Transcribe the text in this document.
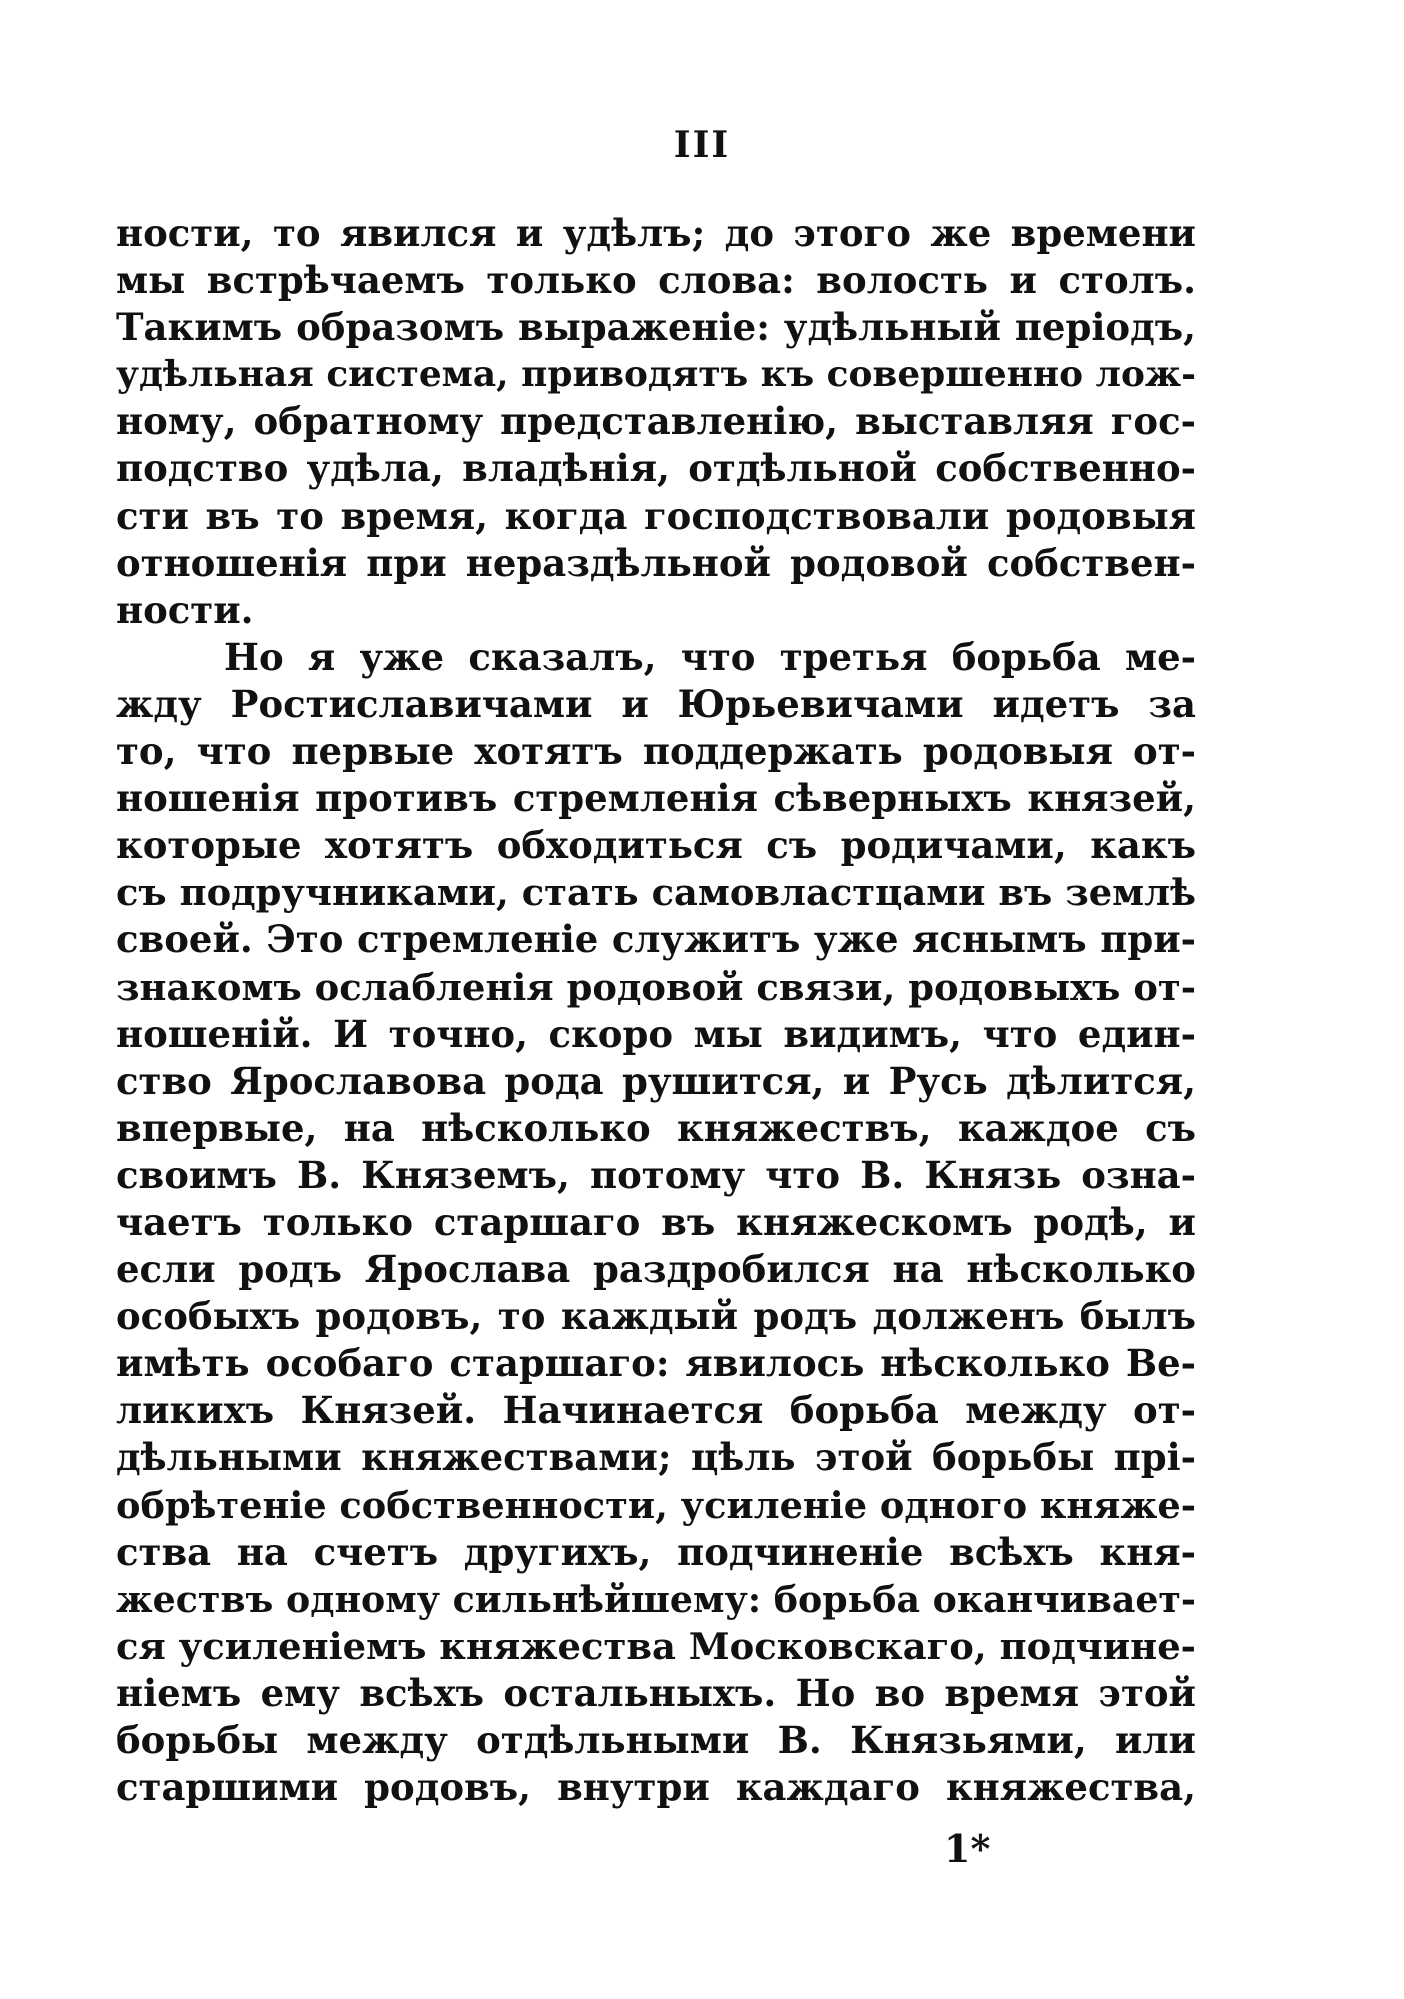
III
ности, то явился и удѣлъ; до этого же времени
мы встрѣчаемъ только слова: волость и столъ.
Такимъ образомъ выраженіе: удѣльный періодъ,
удѣльная система, приводятъ къ совершенно лож-
ному, обратному представленію, выставляя гос-
подство удѣла, владѣнія, отдѣльной собственно-
сти въ то время, когда господствовали родовыя
отношенія при нераздѣльной родовой собствен-
ности.
Но я уже сказалъ, что третья борьба ме-
жду Ростиславичами и Юрьевичами идетъ за
то, что первые хотятъ поддержать родовыя от-
ношенія противъ стремленія сѣверныхъ князей,
которые хотятъ обходиться съ родичами, какъ
съ подручниками, стать самовластцами въ землѣ
своей. Это стремленіе служитъ уже яснымъ при-
знакомъ ослабленія родовой связи, родовыхъ от-
ношеній. И точно, скоро мы видимъ, что един-
ство Ярославова рода рушится, и Русь дѣлится,
впервые, на нѣсколько княжествъ, каждое съ
своимъ В. Княземъ, потому что В. Князь озна-
чаетъ только старшаго въ княжескомъ родѣ, и
если родъ Ярослава раздробился на нѣсколько
особыхъ родовъ, то каждый родъ долженъ былъ
имѣть особаго старшаго: явилось нѣсколько Ве-
ликихъ Князей. Начинается борьба между от-
дѣльными княжествами; цѣль этой борьбы прі-
обрѣтеніе собственности, усиленіе одного княже-
ства на счетъ другихъ, подчиненіе всѣхъ кня-
жествъ одному сильнѣйшему: борьба оканчивает-
ся усиленіемъ княжества Московскаго, подчине-
ніемъ ему всѣхъ остальныхъ. Но во время этой
борьбы между отдѣльными В. Князьями, или
старшими родовъ, внутри каждаго княжества,
1*
